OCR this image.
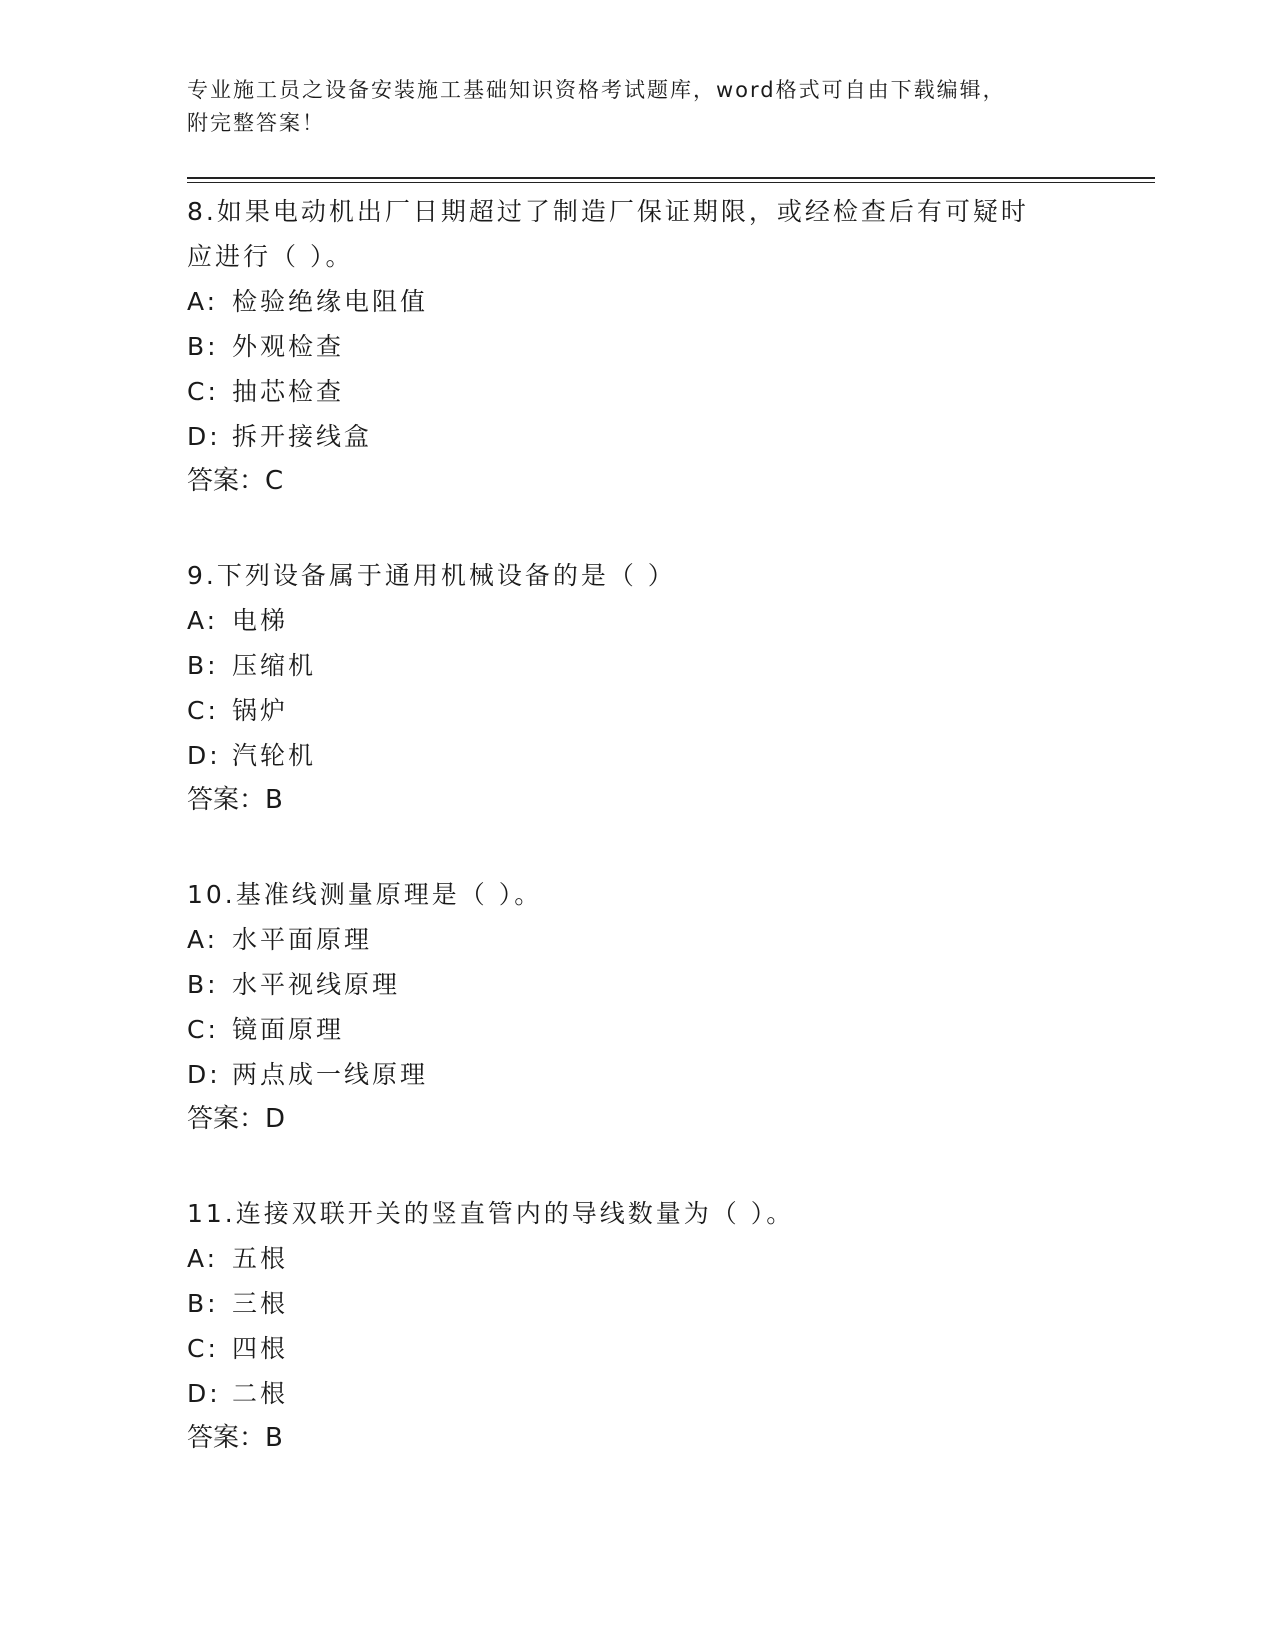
专业施工员之设备安装施工基础知识资格考试题库，word格式可自由下载编辑，
附完整答案！
8.如果电动机出厂日期超过了制造厂保证期限，或经检查后有可疑时
应进行（ ）。
A: 检验绝缘电阻值
B: 外观检查
C: 抽芯检查
D: 拆开接线盒
答案：C
9.下列设备属于通用机械设备的是（ ）
A: 电梯
B: 压缩机
C: 锅炉
D: 汽轮机
答案：B
10.基准线测量原理是（ ）。
A: 水平面原理
B: 水平视线原理
C: 镜面原理
D: 两点成一线原理
答案：D
11.连接双联开关的竖直管内的导线数量为（ ）。
A: 五根
B: 三根
C: 四根
D: 二根
答案：B
